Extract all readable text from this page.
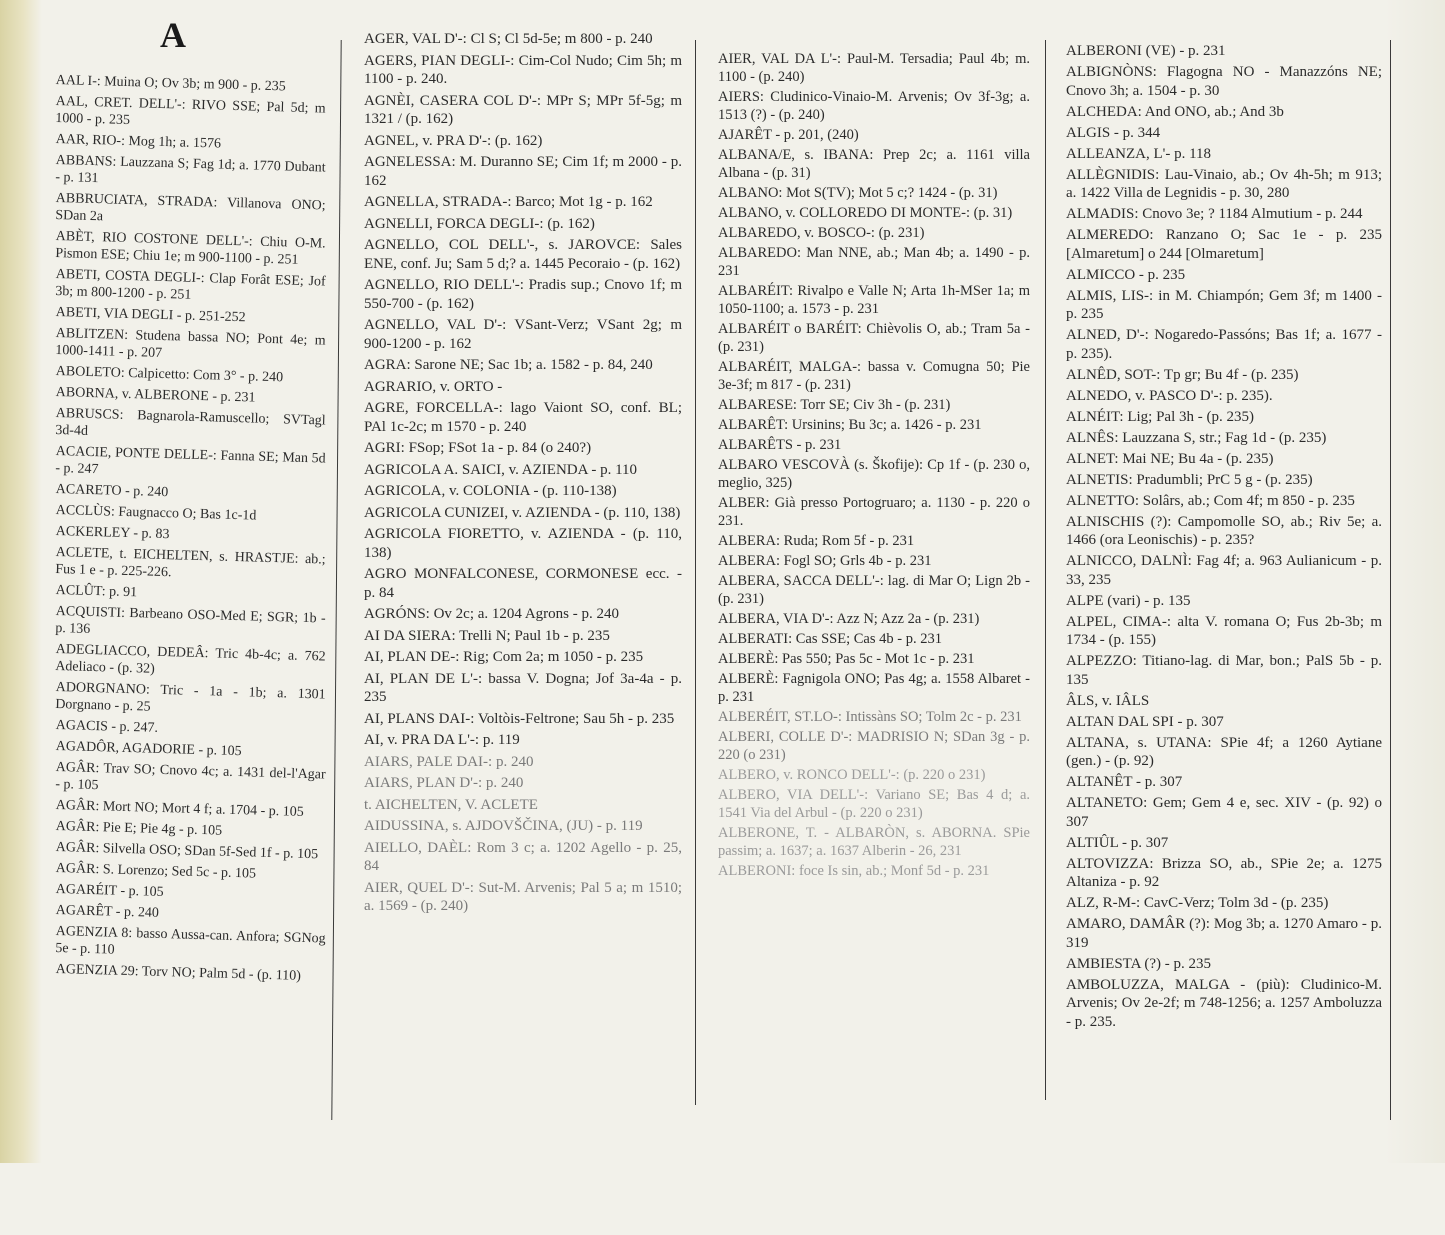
A
AAL I-: Muina O; Ov 3b; m 900 - p. 235
AAL, CRET. DELL'-: RIVO SSE; Pal 5d; m 1000 - p. 235
AAR, RIO-: Mog 1h; a. 1576
ABBANS: Lauzzana S; Fag 1d; a. 1770 Dubant - p. 131
ABBRUCIATA, STRADA: Villanova ONO; SDan 2a
ABÈT, RIO COSTONE DELL'-: Chiu O-M. Pismon ESE; Chiu 1e; m 900-1100 - p. 251
ABETI, COSTA DEGLI-: Clap Forât ESE; Jof 3b; m 800-1200 - p. 251
ABETI, VIA DEGLI - p. 251-252
ABLITZEN: Studena bassa NO; Pont 4e; m 1000-1411 - p. 207
ABOLETO: Calpicetto: Com 3° - p. 240
ABORNA, v. ALBERONE - p. 231
ABRUSCS: Bagnarola-Ramuscello; SVTagl 3d-4d
ACACIE, PONTE DELLE-: Fanna SE; Man 5d - p. 247
ACARETO - p. 240
ACCLÙS: Faugnacco O; Bas 1c-1d
ACKERLEY - p. 83
ACLETE, t. EICHELTEN, s. HRASTJE: ab.; Fus 1 e - p. 225-226.
ACLÛT: p. 91
ACQUISTI: Barbeano OSO-Med E; SGR; 1b - p. 136
ADEGLIACCO, DEDEÂ: Tric 4b-4c; a. 762 Adeliaco - (p. 32)
ADORGNANO: Tric - 1a - 1b; a. 1301 Dorgnano - p. 25
AGACIS - p. 247.
AGADÔR, AGADORIE - p. 105
AGÂR: Trav SO; Cnovo 4c; a. 1431 del-l'Agar - p. 105
AGÂR: Mort NO; Mort 4 f; a. 1704 - p. 105
AGÂR: Pie E; Pie 4g - p. 105
AGÂR: Silvella OSO; SDan 5f-Sed 1f - p. 105
AGÂR: S. Lorenzo; Sed 5c - p. 105
AGARÉIT - p. 105
AGARÊT - p. 240
AGENZIA 8: basso Aussa-can. Anfora; SGNog 5e - p. 110
AGENZIA 29: Torv NO; Palm 5d - (p. 110)
AGER, VAL D'-: Cl S; Cl 5d-5e; m 800 - p. 240
AGERS, PIAN DEGLI-: Cim-Col Nudo; Cim 5h; m 1100 - p. 240.
AGNÈI, CASERA COL D'-: MPr S; MPr 5f-5g; m 1321 / (p. 162)
AGNEL, v. PRA D'-: (p. 162)
AGNELESSA: M. Duranno SE; Cim 1f; m 2000 - p. 162
AGNELLA, STRADA-: Barco; Mot 1g - p. 162
AGNELLI, FORCA DEGLI-: (p. 162)
AGNELLO, COL DELL'-, s. JAROVCE: Sales ENE, conf. Ju; Sam 5 d;? a. 1445 Pecoraio - (p. 162)
AGNELLO, RIO DELL'-: Pradis sup.; Cnovo 1f; m 550-700 - (p. 162)
AGNELLO, VAL D'-: VSant-Verz; VSant 2g; m 900-1200 - p. 162
AGRA: Sarone NE; Sac 1b; a. 1582 - p. 84, 240
AGRARIO, v. ORTO -
AGRE, FORCELLA-: lago Vaiont SO, conf. BL; PAl 1c-2c; m 1570 - p. 240
AGRI: FSop; FSot 1a - p. 84 (o 240?)
AGRICOLA A. SAICI, v. AZIENDA - p. 110
AGRICOLA, v. COLONIA - (p. 110-138)
AGRICOLA CUNIZEI, v. AZIENDA - (p. 110, 138)
AGRICOLA FIORETTO, v. AZIENDA - (p. 110, 138)
AGRO MONFALCONESE, CORMONESE ecc. - p. 84
AGRÓNS: Ov 2c; a. 1204 Agrons - p. 240
AI DA SIERA: Trelli N; Paul 1b - p. 235
AI, PLAN DE-: Rig; Com 2a; m 1050 - p. 235
AI, PLAN DE L'-: bassa V. Dogna; Jof 3a-4a - p. 235
AI, PLANS DAI-: Voltòis-Feltrone; Sau 5h - p. 235
AI, v. PRA DA L'-: p. 119
AIARS, PALE DAI-: p. 240
AIARS, PLAN D'-: p. 240
t. AICHELTEN, V. ACLETE
AIDUSSINA, s. AJDOVŠČINA, (JU) - p. 119
AIELLO, DAÈL: Rom 3 c; a. 1202 Agello - p. 25, 84
AIER, QUEL D'-: Sut-M. Arvenis; Pal 5 a; m 1510; a. 1569 - (p. 240)
AIER, VAL DA L'-: Paul-M. Tersadia; Paul 4b; m. 1100 - (p. 240)
AIERS: Cludinico-Vinaio-M. Arvenis; Ov 3f-3g; a. 1513 (?) - (p. 240)
AJARÊT - p. 201, (240)
ALBANA/E, s. IBANA: Prep 2c; a. 1161 villa Albana - (p. 31)
ALBANO: Mot S(TV); Mot 5 c;? 1424 - (p. 31)
ALBANO, v. COLLOREDO DI MONTE-: (p. 31)
ALBAREDO, v. BOSCO-: (p. 231)
ALBAREDO: Man NNE, ab.; Man 4b; a. 1490 - p. 231
ALBARÉIT: Rivalpo e Valle N; Arta 1h-MSer 1a; m 1050-1100; a. 1573 - p. 231
ALBARÉIT o BARÉIT: Chièvolis O, ab.; Tram 5a - (p. 231)
ALBARÉIT, MALGA-: bassa v. Comugna 50; Pie 3e-3f; m 817 - (p. 231)
ALBARESE: Torr SE; Civ 3h - (p. 231)
ALBARÊT: Ursinins; Bu 3c; a. 1426 - p. 231
ALBARÊTS - p. 231
ALBARO VESCOVÀ (s. Škofije): Cp 1f - (p. 230 o, meglio, 325)
ALBER: Già presso Portogruaro; a. 1130 - p. 220 o 231.
ALBERA: Ruda; Rom 5f - p. 231
ALBERA: Fogl SO; Grls 4b - p. 231
ALBERA, SACCA DELL'-: lag. di Mar O; Lign 2b - (p. 231)
ALBERA, VIA D'-: Azz N; Azz 2a - (p. 231)
ALBERATI: Cas SSE; Cas 4b - p. 231
ALBERÈ: Pas 550; Pas 5c - Mot 1c - p. 231
ALBERÈ: Fagnigola ONO; Pas 4g; a. 1558 Albaret - p. 231
ALBERÉIT, ST.LO-: Intissàns SO; Tolm 2c - p. 231
ALBERI, COLLE D'-: MADRISIO N; SDan 3g - p. 220 (o 231)
ALBERO, v. RONCO DELL'-: (p. 220 o 231)
ALBERO, VIA DELL'-: Variano SE; Bas 4 d; a. 1541 Via del Arbul - (p. 220 o 231)
ALBERONE, T. - ALBARÒN, s. ABORNA. SPie passim; a. 1637; a. 1637 Alberin - 26, 231
ALBERONI: foce Is sin, ab.; Monf 5d - p. 231
ALBERONI (VE) - p. 231
ALBIGNÒNS: Flagogna NO - Manazzóns NE; Cnovo 3h; a. 1504 - p. 30
ALCHEDA: And ONO, ab.; And 3b
ALGIS - p. 344
ALLEANZA, L'- p. 118
ALLÈGNIDIS: Lau-Vinaio, ab.; Ov 4h-5h; m 913; a. 1422 Villa de Legnidis - p. 30, 280
ALMADIS: Cnovo 3e; ? 1184 Almutium - p. 244
ALMEREDO: Ranzano O; Sac 1e - p. 235 [Almaretum] o 244 [Olmaretum]
ALMICCO - p. 235
ALMIS, LIS-: in M. Chiampón; Gem 3f; m 1400 - p. 235
ALNED, D'-: Nogaredo-Passóns; Bas 1f; a. 1677 - p. 235).
ALNÊD, SOT-: Tp gr; Bu 4f - (p. 235)
ALNEDO, v. PASCO D'-: p. 235).
ALNÉIT: Lig; Pal 3h - (p. 235)
ALNÊS: Lauzzana S, str.; Fag 1d - (p. 235)
ALNET: Mai NE; Bu 4a - (p. 235)
ALNETIS: Pradumbli; PrC 5 g - (p. 235)
ALNETTO: Solârs, ab.; Com 4f; m 850 - p. 235
ALNISCHIS (?): Campomolle SO, ab.; Riv 5e; a. 1466 (ora Leonischis) - p. 235?
ALNICCO, DALNÌ: Fag 4f; a. 963 Aulianicum - p. 33, 235
ALPE (vari) - p. 135
ALPEL, CIMA-: alta V. romana O; Fus 2b-3b; m 1734 - (p. 155)
ALPEZZO: Titiano-lag. di Mar, bon.; PalS 5b - p. 135
ÂLS, v. IÂLS
ALTAN DAL SPI - p. 307
ALTANA, s. UTANA: SPie 4f; a 1260 Aytiane (gen.) - (p. 92)
ALTANÊT - p. 307
ALTANETO: Gem; Gem 4 e, sec. XIV - (p. 92) o 307
ALTIÛL - p. 307
ALTOVIZZA: Brizza SO, ab., SPie 2e; a. 1275 Altaniza - p. 92
ALZ, R-M-: CavC-Verz; Tolm 3d - (p. 235)
AMARO, DAMÂR (?): Mog 3b; a. 1270 Amaro - p. 319
AMBIESTA (?) - p. 235
AMBOLUZZA, MALGA - (più): Cludinico-M. Arvenis; Ov 2e-2f; m 748-1256; a. 1257 Amboluzza - p. 235.
